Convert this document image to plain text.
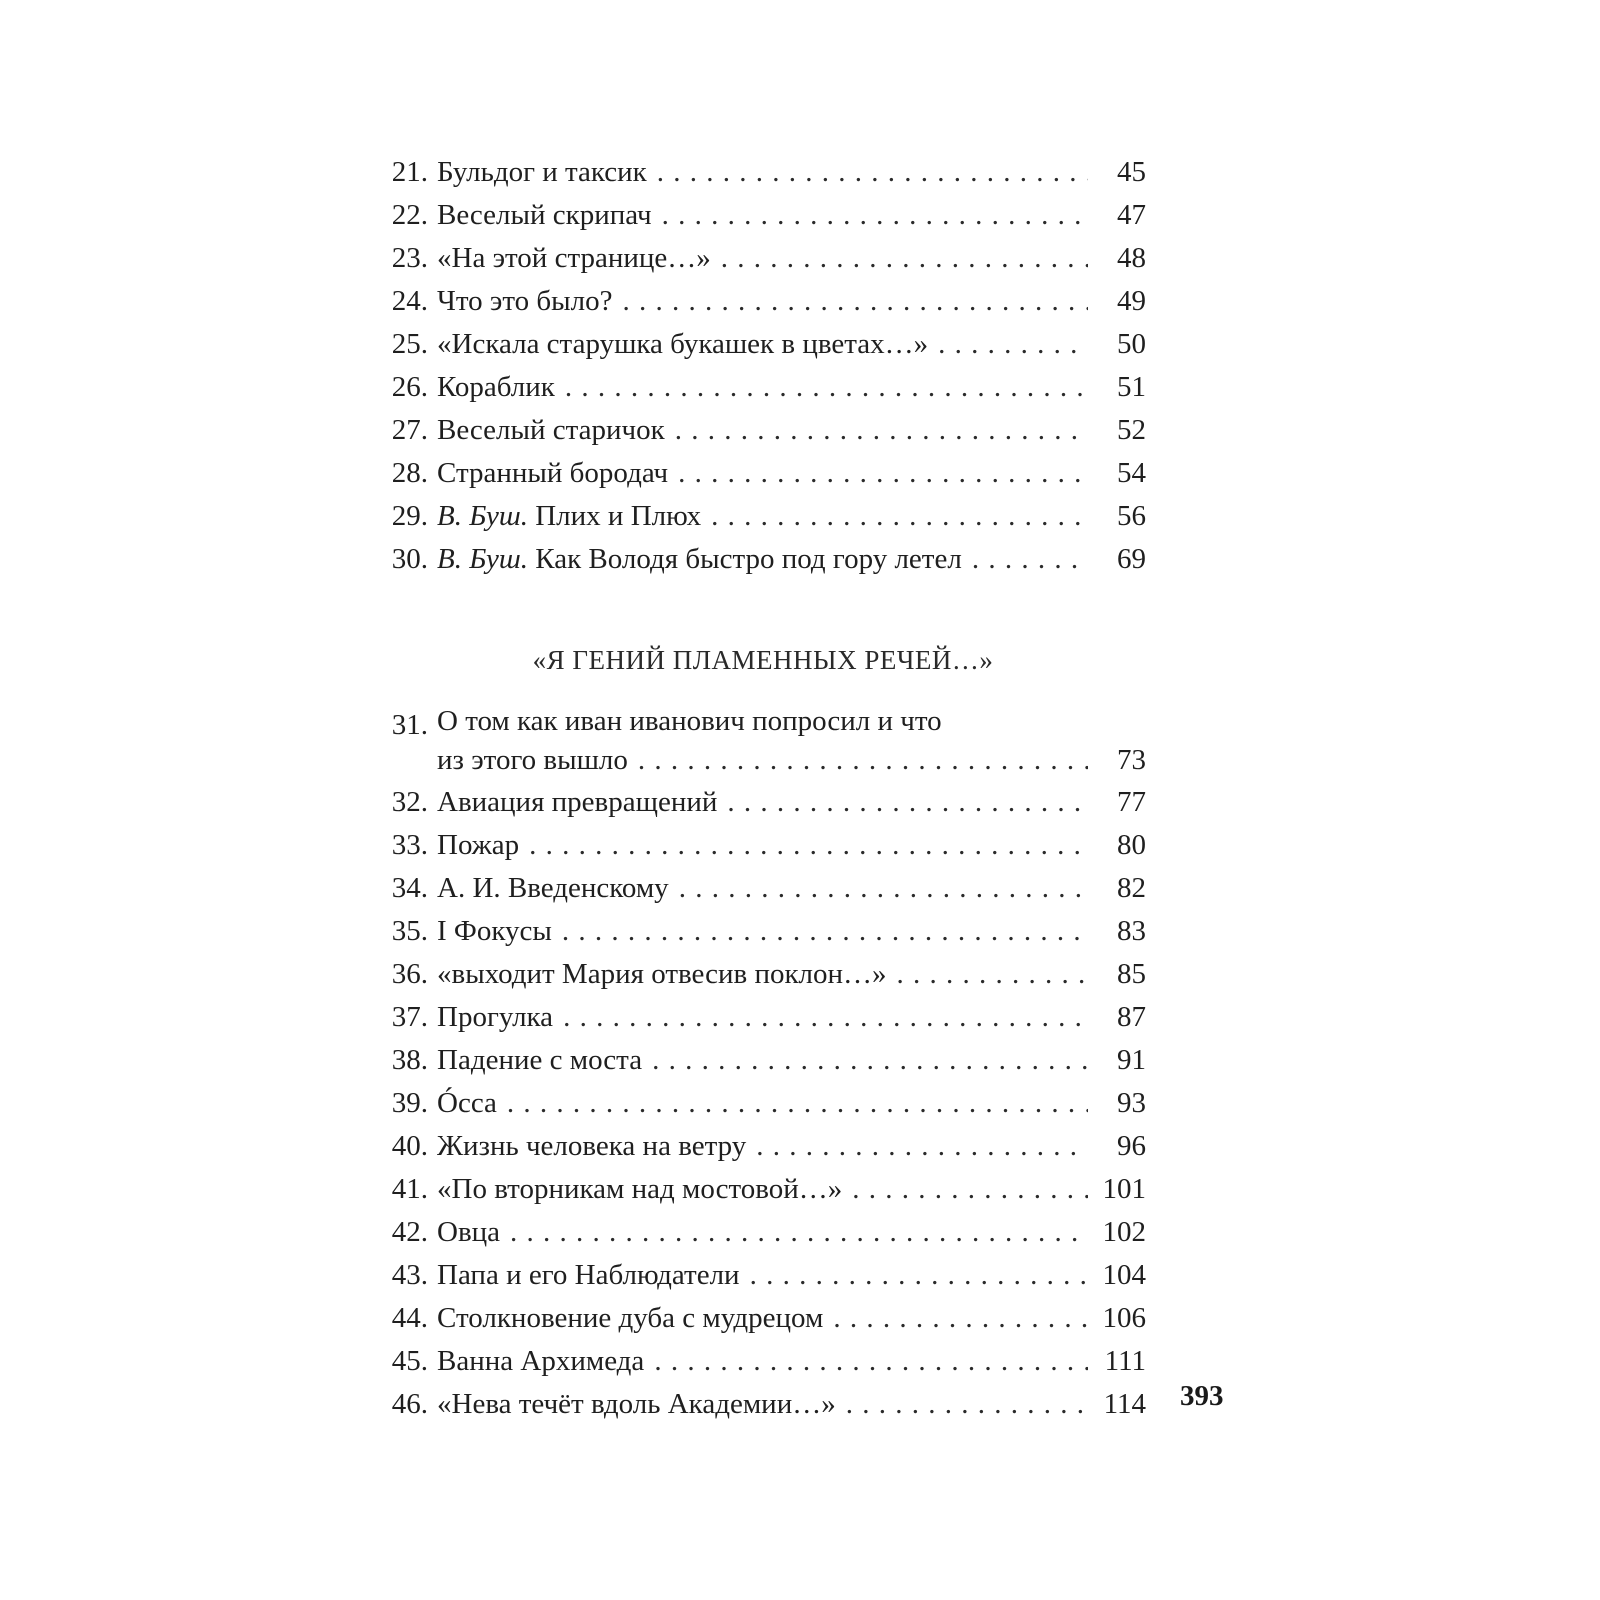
21. Бульдог и таксик . . .	45
22. Веселый скрипач . . .	47
23. «На этой странице…» . . .	48
24. Что это было? . . .	49
25. «Искала старушка букашек в цветах…» . . .	50
26. Кораблик . . .	51
27. Веселый старичок . . .	52
28. Странный бородач . . .	54
29. В. Буш. Плих и Плюх . . .	56
30. В. Буш. Как Володя быстро под гору летел . . .	69
«Я ГЕНИЙ ПЛАМЕННЫХ РЕЧЕЙ…»
31. О том как иван иванович попросил и что
из этого вышло . . .	73
32. Авиация превращений . . .	77
33. Пожар . . .	80
34. А. И. Введенскому . . .	82
35. I Фокусы . . .	83
36. «выходит Мария отвесив поклон…» . . .	85
37. Прогулка . . .	87
38. Падение с моста . . .	91
39. Óсса . . .	93
40. Жизнь человека на ветру . . .	96
41. «По вторникам над мостовой…» . . .	101
42. Овца . . .	102
43. Папа и его Наблюдатели . . .	104
44. Столкновение дуба с мудрецом . . .	106
45. Ванна Архимеда . . .	111
46. «Нева течёт вдоль Академии…» . . .	114 393
